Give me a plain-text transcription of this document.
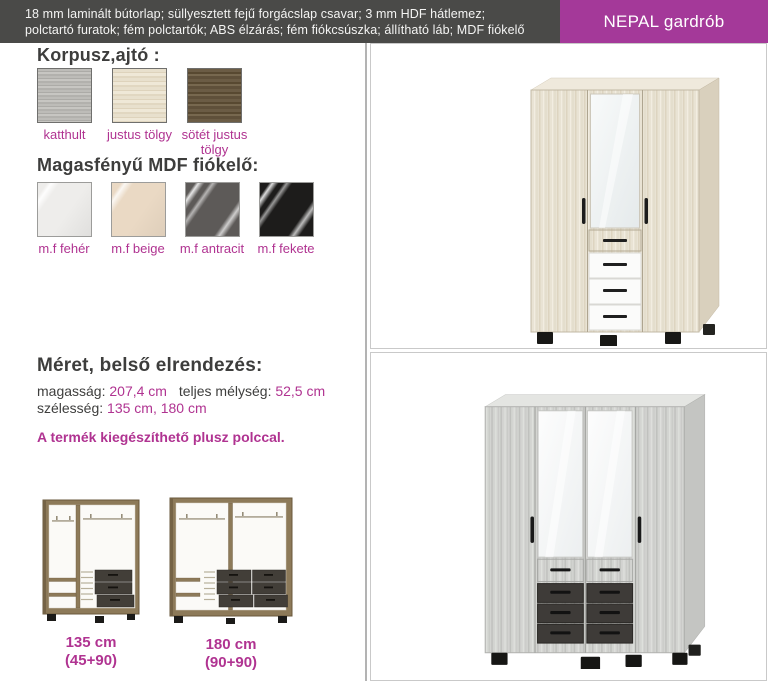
18 mm laminált bútorlap; süllyesztett fejű forgácslap csavar; 3 mm HDF hátlemez;
polctartó furatok; fém polctartók; ABS élzárás; fém fiókcsúszka; állítható láb; MDF fiókelő	NEPAL gardrób
Korpusz,ajtó :
katthult justus tölgy sötét justus tölgy
Magasfényű MDF fiókelő:
m.f fehér m.f beige m.f antracit m.f fekete
Méret, belső elrendezés:
magasság: 207,4 cm teljes mélység: 52,5 cm
szélesség: 135 cm, 180 cm
A termék kiegészíthető plusz polccal.
135 cm
(45+90)
180 cm
(90+90)
